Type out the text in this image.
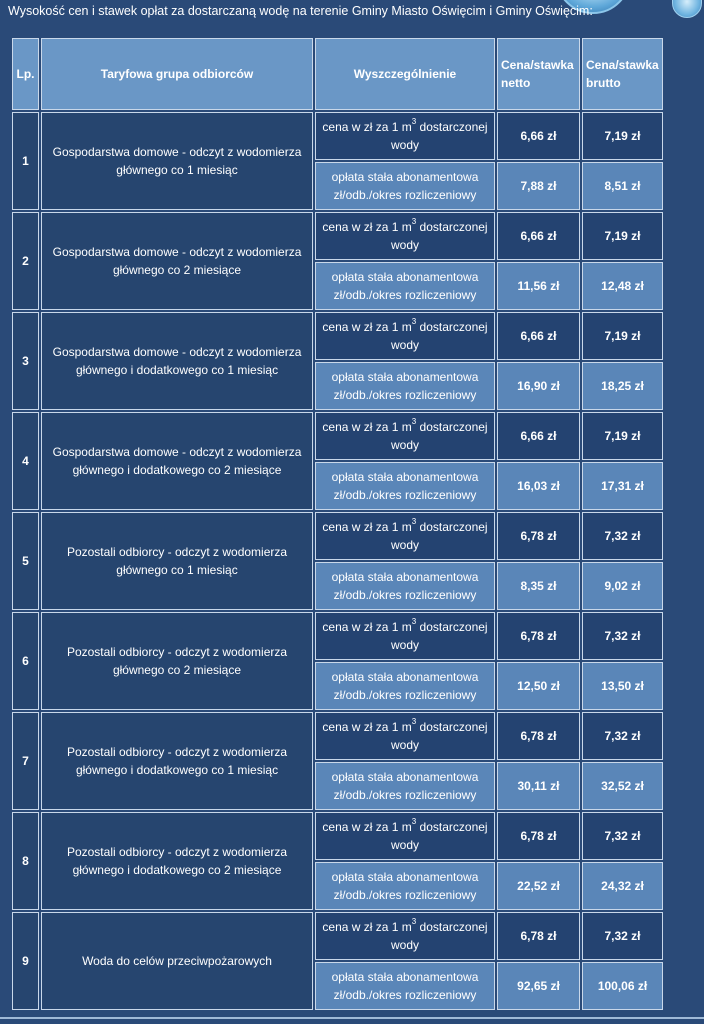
Wysokość cen i stawek opłat za dostarczaną wodę na terenie Gminy Miasto Oświęcim i Gminy Oświęcim:
Lp.	Taryfowa grupa odbiorców	Wyszczególnienie	Cena/stawka netto	Cena/stawka brutto
1	Gospodarstwa domowe - odczyt z wodomierza głównego co 1 miesiąc	cena w zł za 1 $m^3$ dostarczonej wody	6,66 zł	7,19 zł
		opłata stała abonamentowa zł/odb./okres rozliczeniowy	7,88 zł	8,51 zł
2	Gospodarstwa domowe - odczyt z wodomierza głównego co 2 miesiące	cena w zł za 1 $m^3$ dostarczonej wody	6,66 zł	7,19 zł
		opłata stała abonamentowa zł/odb./okres rozliczeniowy	11,56 zł	12,48 zł
3	Gospodarstwa domowe - odczyt z wodomierza głównego i dodatkowego co 1 miesiąc	cena w zł za 1 $m^3$ dostarczonej wody	6,66 zł	7,19 zł
		opłata stała abonamentowa zł/odb./okres rozliczeniowy	16,90 zł	18,25 zł
4	Gospodarstwa domowe - odczyt z wodomierza głównego i dodatkowego co 2 miesiące	cena w zł za 1 $m^3$ dostarczonej wody	6,66 zł	7,19 zł
		opłata stała abonamentowa zł/odb./okres rozliczeniowy	16,03 zł	17,31 zł
5	Pozostali odbiorcy - odczyt z wodomierza głównego co 1 miesiąc	cena w zł za 1 $m^3$ dostarczonej wody	6,78 zł	7,32 zł
		opłata stała abonamentowa zł/odb./okres rozliczeniowy	8,35 zł	9,02 zł
6	Pozostali odbiorcy - odczyt z wodomierza głównego co 2 miesiące	cena w zł za 1 $m^3$ dostarczonej wody	6,78 zł	7,32 zł
		opłata stała abonamentowa zł/odb./okres rozliczeniowy	12,50 zł	13,50 zł
7	Pozostali odbiorcy - odczyt z wodomierza głównego i dodatkowego co 1 miesiąc	cena w zł za 1 $m^3$ dostarczonej wody	6,78 zł	7,32 zł
		opłata stała abonamentowa zł/odb./okres rozliczeniowy	30,11 zł	32,52 zł
8	Pozostali odbiorcy - odczyt z wodomierza głównego i dodatkowego co 2 miesiące	cena w zł za 1 $m^3$ dostarczonej wody	6,78 zł	7,32 zł
		opłata stała abonamentowa zł/odb./okres rozliczeniowy	22,52 zł	24,32 zł
9	Woda do celów przeciwpożarowych	cena w zł za 1 $m^3$ dostarczonej wody	6,78 zł	7,32 zł
		opłata stała abonamentowa zł/odb./okres rozliczeniowy	92,65 zł	100,06 zł
